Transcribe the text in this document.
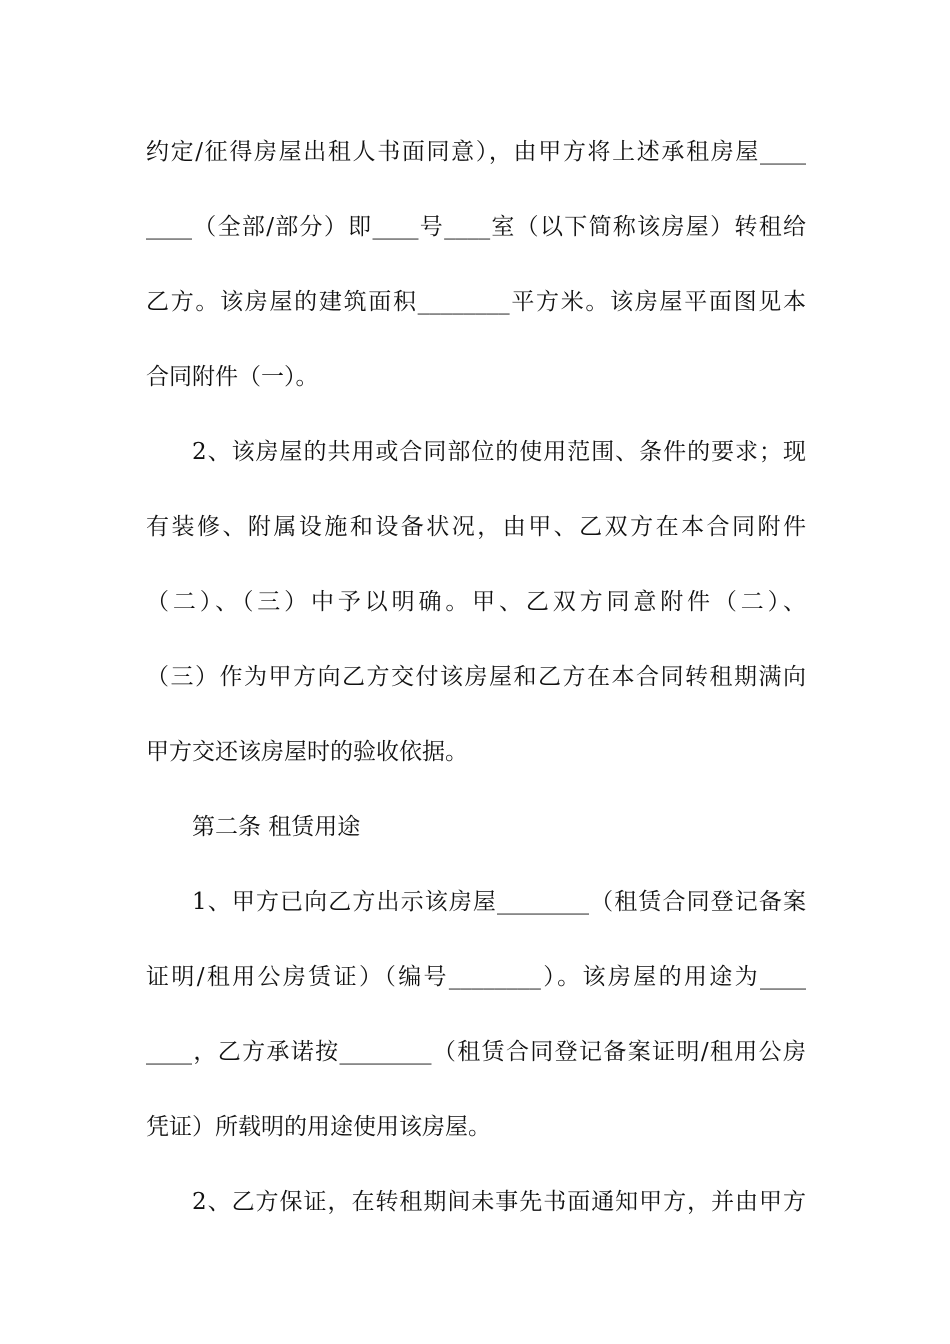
约定/征得房屋出租人书面同意），由甲方将上述承租房屋____
____（全部/部分）即____号____室（以下简称该房屋）转租给
乙方。该房屋的建筑面积________平方米。该房屋平面图见本
合同附件（一）。
2、该房屋的共用或合同部位的使用范围、条件的要求；现
有装修、附属设施和设备状况，由甲、乙双方在本合同附件
（二）、（三）中予以明确。甲、乙双方同意附件（二）、
（三）作为甲方向乙方交付该房屋和乙方在本合同转租期满向
甲方交还该房屋时的验收依据。
第二条 租赁用途
1、甲方已向乙方出示该房屋________（租赁合同登记备案
证明/租用公房赁证）（编号________）。该房屋的用途为____
____，乙方承诺按________（租赁合同登记备案证明/租用公房
凭证）所载明的用途使用该房屋。
2、乙方保证，在转租期间未事先书面通知甲方，并由甲方
